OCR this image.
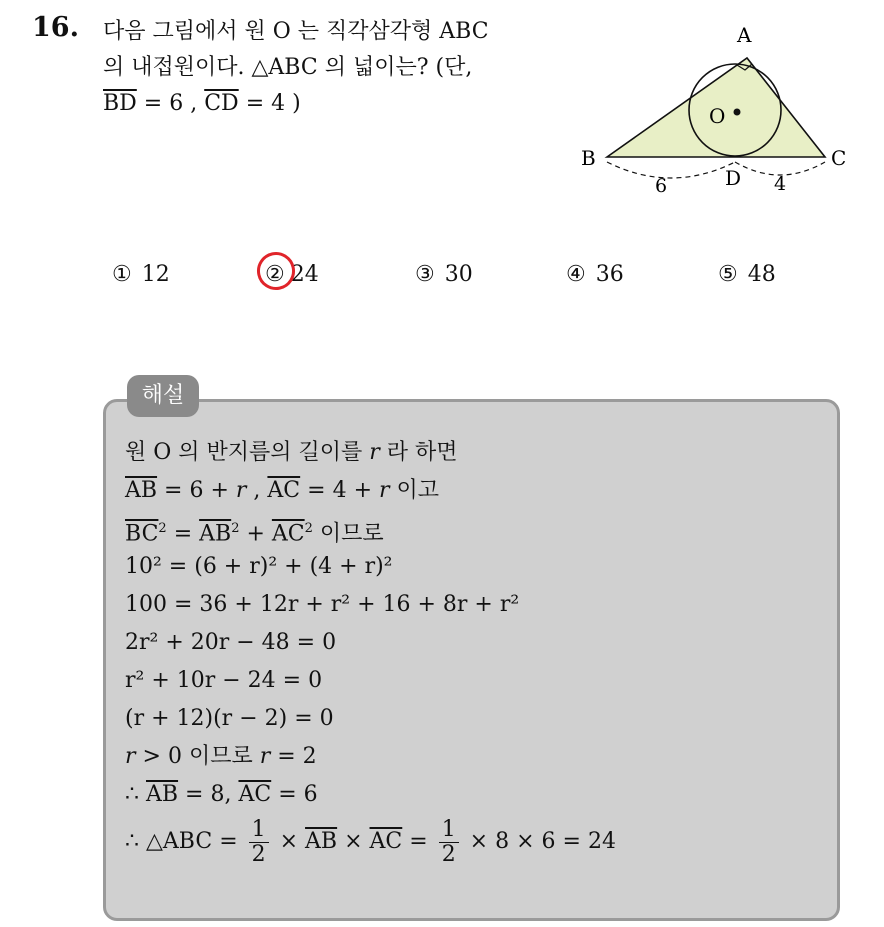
16. 다음 그림에서 원 O 는 직각삼각형 ABC
의 내접원이다. △ABC 의 넓이는? (단,
$\overline{BD} = 6$ , $\overline{CD} = 4$ )
A
B	C
D
O
6	4
① 12	② 24	③ 30	④ 36	⑤ 48
해설
원 O 의 반지름의 길이를 r 라 하면
$\overline{AB} = 6 + r$ , $\overline{AC} = 4 + r$ 이고
$\overline{BC}^2 = \overline{AB}^2 + \overline{AC}^2$ 이므로
10² = (6 + r)² + (4 + r)²
100 = 36 + 12r + r² + 16 + 8r + r²
2r² + 20r − 48 = 0
r² + 10r − 24 = 0
(r + 12)(r − 2) = 0
r > 0 이므로 r = 2
∴ $\overline{AB} = 8$, $\overline{AC} = 6$
∴ △ABC = $\frac{1}{2} \times \overline{AB} \times \overline{AC} = \frac{1}{2} \times 8 \times 6 = 24$
